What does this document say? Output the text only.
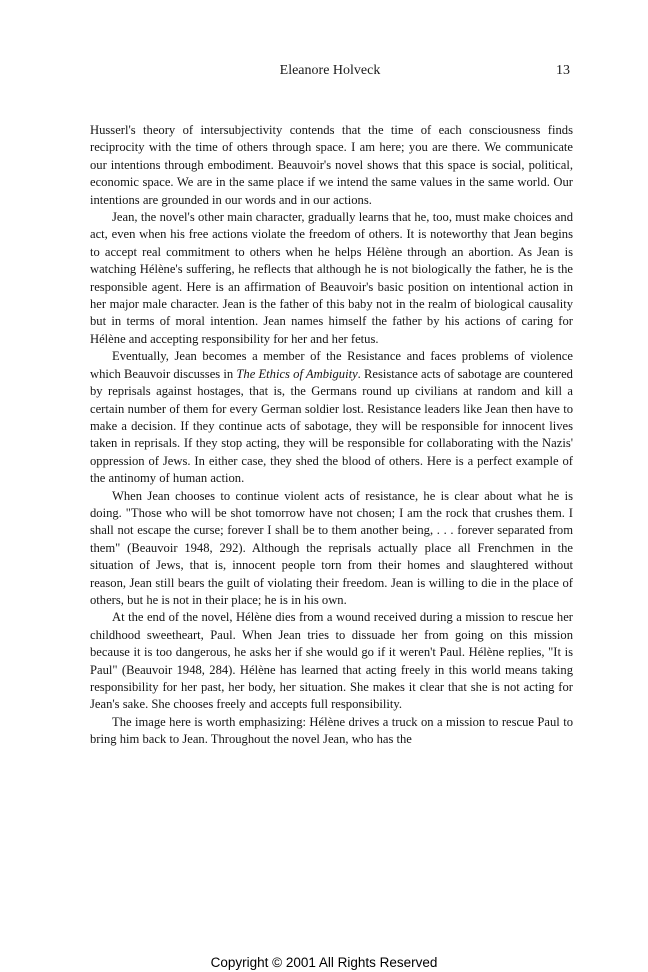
Eleanore Holveck	13

Husserl's theory of intersubjectivity contends that the time of each consciousness finds reciprocity with the time of others through space. I am here; you are there. We communicate our intentions through embodiment. Beauvoir's novel shows that this space is social, political, economic space. We are in the same place if we intend the same values in the same world. Our intentions are grounded in our words and in our actions.

Jean, the novel's other main character, gradually learns that he, too, must make choices and act, even when his free actions violate the freedom of others. It is noteworthy that Jean begins to accept real commitment to others when he helps Hélène through an abortion. As Jean is watching Hélène's suffering, he reflects that although he is not biologically the father, he is the responsible agent. Here is an affirmation of Beauvoir's basic position on intentional action in her major male character. Jean is the father of this baby not in the realm of biological causality but in terms of moral intention. Jean names himself the father by his actions of caring for Hélène and accepting responsibility for her and her fetus.

Eventually, Jean becomes a member of the Resistance and faces problems of violence which Beauvoir discusses in The Ethics of Ambiguity. Resistance acts of sabotage are countered by reprisals against hostages, that is, the Germans round up civilians at random and kill a certain number of them for every German soldier lost. Resistance leaders like Jean then have to make a decision. If they continue acts of sabotage, they will be responsible for innocent lives taken in reprisals. If they stop acting, they will be responsible for collaborating with the Nazis' oppression of Jews. In either case, they shed the blood of others. Here is a perfect example of the antinomy of human action.

When Jean chooses to continue violent acts of resistance, he is clear about what he is doing. "Those who will be shot tomorrow have not chosen; I am the rock that crushes them. I shall not escape the curse; forever I shall be to them another being, . . . forever separated from them" (Beauvoir 1948, 292). Although the reprisals actually place all Frenchmen in the situation of Jews, that is, innocent people torn from their homes and slaughtered without reason, Jean still bears the guilt of violating their freedom. Jean is willing to die in the place of others, but he is not in their place; he is in his own.

At the end of the novel, Hélène dies from a wound received during a mission to rescue her childhood sweetheart, Paul. When Jean tries to dissuade her from going on this mission because it is too dangerous, he asks her if she would go if it weren't Paul. Hélène replies, "It is Paul" (Beauvoir 1948, 284). Hélène has learned that acting freely in this world means taking responsibility for her past, her body, her situation. She makes it clear that she is not acting for Jean's sake. She chooses freely and accepts full responsibility.

The image here is worth emphasizing: Hélène drives a truck on a mission to rescue Paul to bring him back to Jean. Throughout the novel Jean, who has the

Copyright © 2001 All Rights Reserved
